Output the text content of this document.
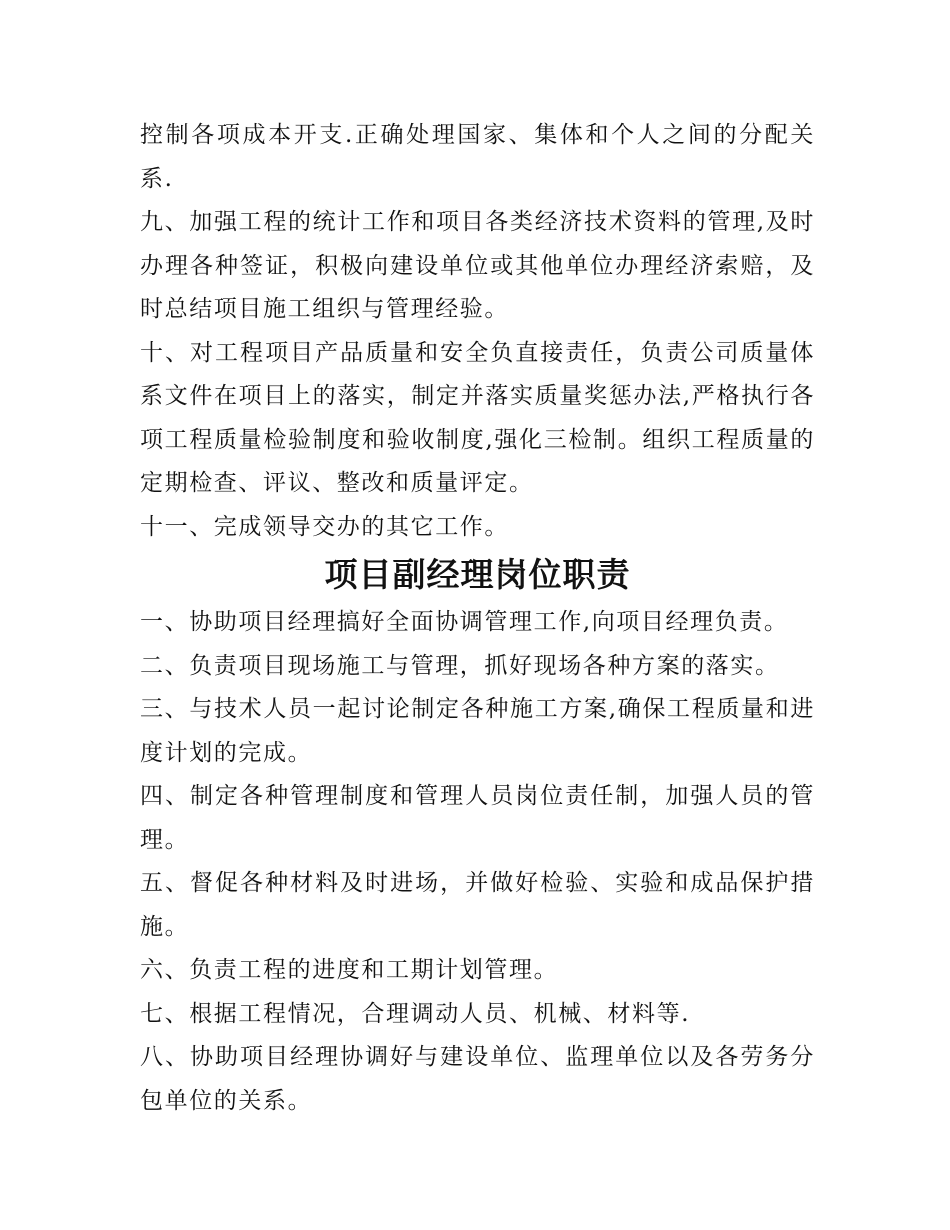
控制各项成本开支.正确处理国家、集体和个人之间的分配关系.

九、加强工程的统计工作和项目各类经济技术资料的管理,及时办理各种签证，积极向建设单位或其他单位办理经济索赔，及时总结项目施工组织与管理经验。

十、对工程项目产品质量和安全负直接责任，负责公司质量体系文件在项目上的落实，制定并落实质量奖惩办法,严格执行各项工程质量检验制度和验收制度,强化三检制。组织工程质量的定期检查、评议、整改和质量评定。

十一、完成领导交办的其它工作。

项目副经理岗位职责

一、协助项目经理搞好全面协调管理工作,向项目经理负责。

二、负责项目现场施工与管理，抓好现场各种方案的落实。

三、与技术人员一起讨论制定各种施工方案,确保工程质量和进度计划的完成。

四、制定各种管理制度和管理人员岗位责任制，加强人员的管理。

五、督促各种材料及时进场，并做好检验、实验和成品保护措施。

六、负责工程的进度和工期计划管理。

七、根据工程情况，合理调动人员、机械、材料等.

八、协助项目经理协调好与建设单位、监理单位以及各劳务分包单位的关系。
